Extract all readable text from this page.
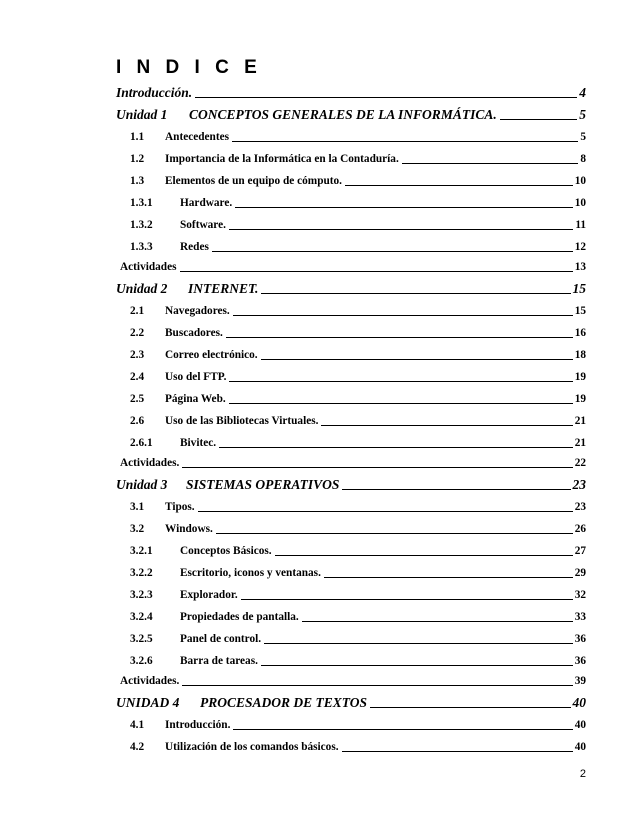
I N D I C E
Introducción.	4
Unidad 1 CONCEPTOS GENERALES DE LA INFORMÁTICA.	5
1.1 Antecedentes	5
1.2 Importancia de la Informática en la Contaduría.	8
1.3 Elementos de un equipo de cómputo.	10
1.3.1 Hardware.	10
1.3.2 Software.	11
1.3.3 Redes	12
Actividades	13
Unidad 2 INTERNET.	15
2.1 Navegadores.	15
2.2 Buscadores.	16
2.3 Correo electrónico.	18
2.4 Uso del FTP.	19
2.5 Página Web.	19
2.6 Uso de las Bibliotecas Virtuales.	21
2.6.1 Bivitec.	21
Actividades.	22
Unidad 3 SISTEMAS OPERATIVOS	23
3.1 Tipos.	23
3.2 Windows.	26
3.2.1 Conceptos Básicos.	27
3.2.2 Escritorio, iconos y ventanas.	29
3.2.3 Explorador.	32
3.2.4 Propiedades de pantalla.	33
3.2.5 Panel de control.	36
3.2.6 Barra de tareas.	36
Actividades.	39
UNIDAD 4 PROCESADOR DE TEXTOS	40
4.1 Introducción.	40
4.2 Utilización de los comandos básicos.	40
2
